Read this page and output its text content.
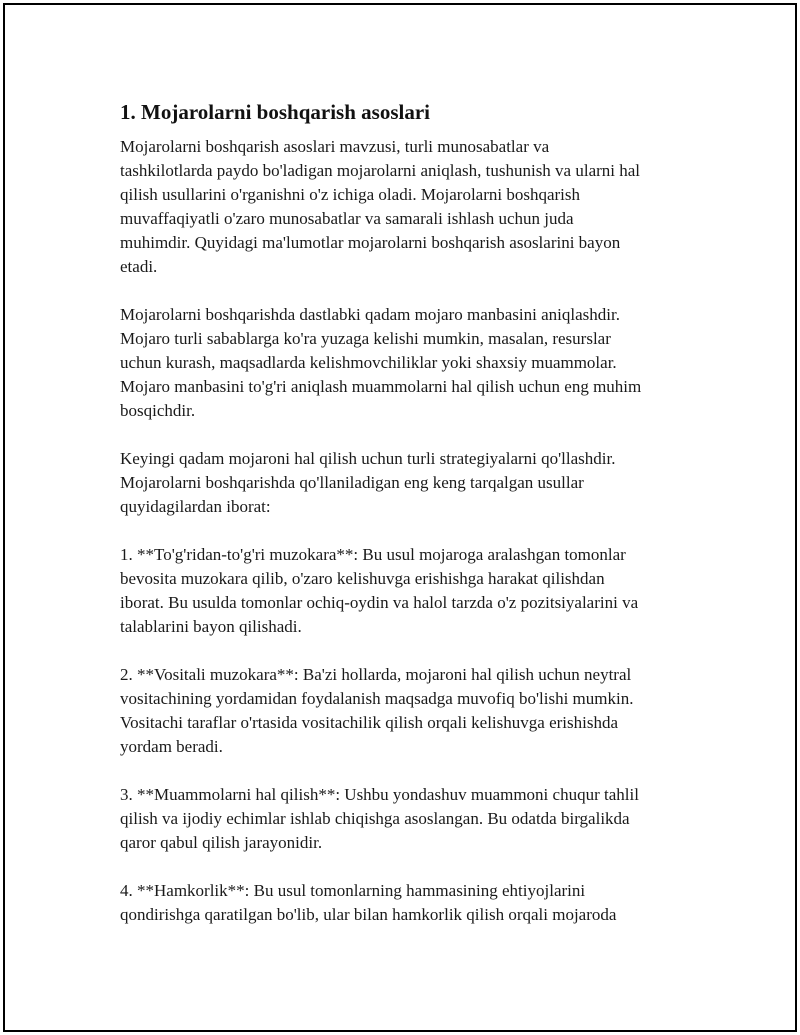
1. Mojarolarni boshqarish asoslari

Mojarolarni boshqarish asoslari mavzusi, turli munosabatlar va
tashkilotlarda paydo bo'ladigan mojarolarni aniqlash, tushunish va ularni hal
qilish usullarini o'rganishni o'z ichiga oladi. Mojarolarni boshqarish
muvaffaqiyatli o'zaro munosabatlar va samarali ishlash uchun juda
muhimdir. Quyidagi ma'lumotlar mojarolarni boshqarish asoslarini bayon
etadi.

Mojarolarni boshqarishda dastlabki qadam mojaro manbasini aniqlashdir.
Mojaro turli sabablarga ko'ra yuzaga kelishi mumkin, masalan, resurslar
uchun kurash, maqsadlarda kelishmovchiliklar yoki shaxsiy muammolar.
Mojaro manbasini to'g'ri aniqlash muammolarni hal qilish uchun eng muhim
bosqichdir.

Keyingi qadam mojaroni hal qilish uchun turli strategiyalarni qo'llashdir.
Mojarolarni boshqarishda qo'llaniladigan eng keng tarqalgan usullar
quyidagilardan iborat:

1. **To'g'ridan-to'g'ri muzokara**: Bu usul mojaroga aralashgan tomonlar
bevosita muzokara qilib, o'zaro kelishuvga erishishga harakat qilishdan
iborat. Bu usulda tomonlar ochiq-oydin va halol tarzda o'z pozitsiyalarini va
talablarini bayon qilishadi.

2. **Vositali muzokara**: Ba'zi hollarda, mojaroni hal qilish uchun neytral
vositachining yordamidan foydalanish maqsadga muvofiq bo'lishi mumkin.
Vositachi taraflar o'rtasida vositachilik qilish orqali kelishuvga erishishda
yordam beradi.

3. **Muammolarni hal qilish**: Ushbu yondashuv muammoni chuqur tahlil
qilish va ijodiy echimlar ishlab chiqishga asoslangan. Bu odatda birgalikda
qaror qabul qilish jarayonidir.

4. **Hamkorlik**: Bu usul tomonlarning hammasining ehtiyojlarini
qondirishga qaratilgan bo'lib, ular bilan hamkorlik qilish orqali mojaroda
